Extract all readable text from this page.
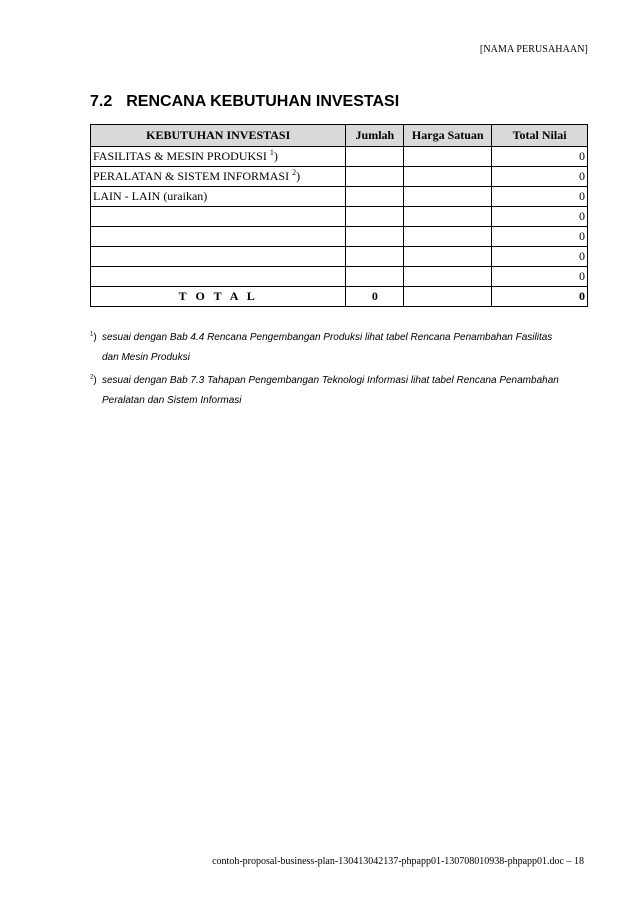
[NAMA PERUSAHAAN]
7.2 RENCANA KEBUTUHAN INVESTASI
KEBUTUHAN INVESTASI	Jumlah	Harga Satuan	Total Nilai
FASILITAS & MESIN PRODUKSI $^1$)			0
PERALATAN & SISTEM INFORMASI $^2$)			0
LAIN - LAIN (uraikan)			0
			0
			0
			0
			0
T O T A L	0		0
$^1$) sesuai dengan Bab 4.4 Rencana Pengembangan Produksi lihat tabel Rencana Penambahan Fasilitas dan Mesin Produksi
$^2$) sesuai dengan Bab 7.3 Tahapan Pengembangan Teknologi Informasi lihat tabel Rencana Penambahan Peralatan dan Sistem Informasi
contoh-proposal-business-plan-130413042137-phpapp01-130708010938-phpapp01.doc – 18
